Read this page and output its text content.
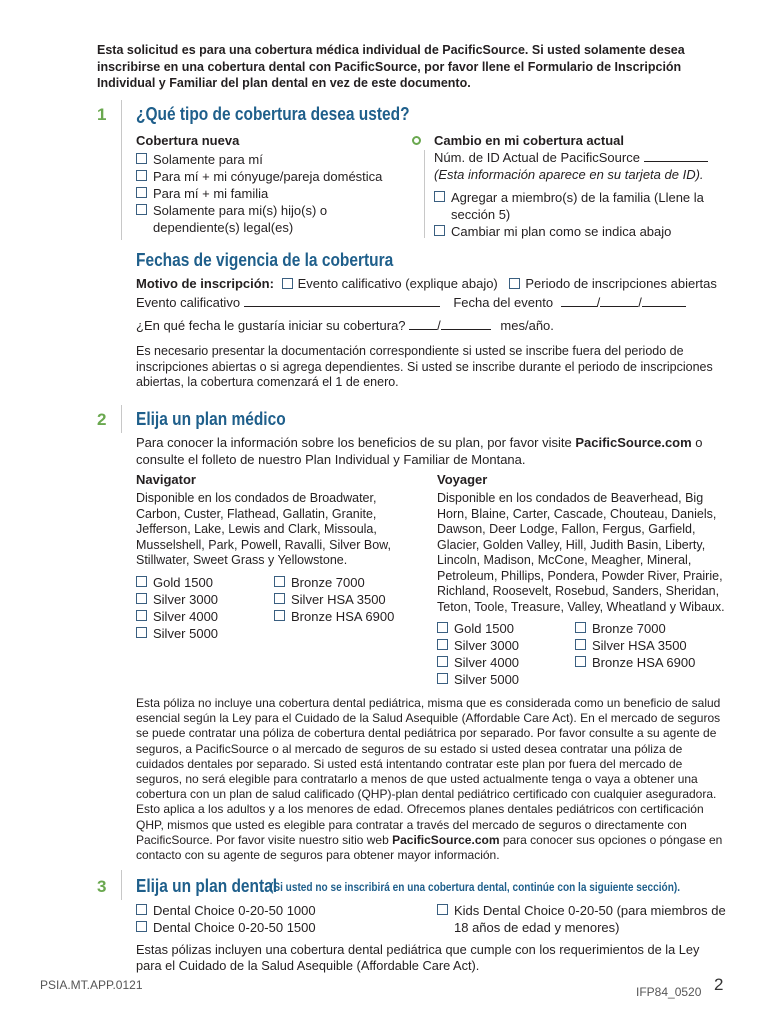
Esta solicitud es para una cobertura médica individual de PacificSource. Si usted solamente desea inscribirse en una cobertura dental con PacificSource, por favor llene el Formulario de Inscripción Individual y Familiar del plan dental en vez de este documento.
1 ¿Qué tipo de cobertura desea usted?
Cobertura nueva
Solamente para mí
Para mí + mi cónyuge/pareja doméstica
Para mí + mi familia
Solamente para mi(s) hijo(s) o dependiente(s) legal(es)
Cambio en mi cobertura actual
Núm. de ID Actual de PacificSource
(Esta información aparece en su tarjeta de ID).
Agregar a miembro(s) de la familia (Llene la sección 5)
Cambiar mi plan como se indica abajo
Fechas de vigencia de la cobertura
Motivo de inscripción: Evento calificativo (explique abajo) Periodo de inscripciones abiertas
Evento calificativo	Fecha del evento	/	/
¿En qué fecha le gustaría iniciar su cobertura? /	mes/año.
Es necesario presentar la documentación correspondiente si usted se inscribe fuera del periodo de inscripciones abiertas o si agrega dependientes. Si usted se inscribe durante el periodo de inscripciones abiertas, la cobertura comenzará el 1 de enero.
2 Elija un plan médico
Para conocer la información sobre los beneficios de su plan, por favor visite PacificSource.com o consulte el folleto de nuestro Plan Individual y Familiar de Montana.
Navigator
Disponible en los condados de Broadwater, Carbon, Custer, Flathead, Gallatin, Granite, Jefferson, Lake, Lewis and Clark, Missoula, Musselshell, Park, Powell, Ravalli, Silver Bow, Stillwater, Sweet Grass y Yellowstone.
Gold 1500
Silver 3000
Silver 4000
Silver 5000
Bronze 7000
Silver HSA 3500
Bronze HSA 6900
Voyager
Disponible en los condados de Beaverhead, Big Horn, Blaine, Carter, Cascade, Chouteau, Daniels, Dawson, Deer Lodge, Fallon, Fergus, Garfield, Glacier, Golden Valley, Hill, Judith Basin, Liberty, Lincoln, Madison, McCone, Meagher, Mineral, Petroleum, Phillips, Pondera, Powder River, Prairie, Richland, Roosevelt, Rosebud, Sanders, Sheridan, Teton, Toole, Treasure, Valley, Wheatland y Wibaux.
Gold 1500
Silver 3000
Silver 4000
Silver 5000
Bronze 7000
Silver HSA 3500
Bronze HSA 6900
Esta póliza no incluye una cobertura dental pediátrica, misma que es considerada como un beneficio de salud esencial según la Ley para el Cuidado de la Salud Asequible (Affordable Care Act). En el mercado de seguros se puede contratar una póliza de cobertura dental pediátrica por separado. Por favor consulte a su agente de seguros, a PacificSource o al mercado de seguros de su estado si usted desea contratar una póliza de cuidados dentales por separado. Si usted está intentando contratar este plan por fuera del mercado de seguros, no será elegible para contratarlo a menos de que usted actualmente tenga o vaya a obtener una cobertura con un plan de salud calificado (QHP)-plan dental pediátrico certificado con cualquier aseguradora. Esto aplica a los adultos y a los menores de edad. Ofrecemos planes dentales pediátricos con certificación QHP, mismos que usted es elegible para contratar a través del mercado de seguros o directamente con PacificSource. Por favor visite nuestro sitio web PacificSource.com para conocer sus opciones o póngase en contacto con su agente de seguros para obtener mayor información.
3 Elija un plan dental
(Si usted no se inscribirá en una cobertura dental, continúe con la siguiente sección).
Dental Choice 0-20-50 1000
Dental Choice 0-20-50 1500
Kids Dental Choice 0-20-50 (para miembros de 18 años de edad y menores)
Estas pólizas incluyen una cobertura dental pediátrica que cumple con los requerimientos de la Ley para el Cuidado de la Salud Asequible (Affordable Care Act).
PSIA.MT.APP.0121	IFP84_0520 2
